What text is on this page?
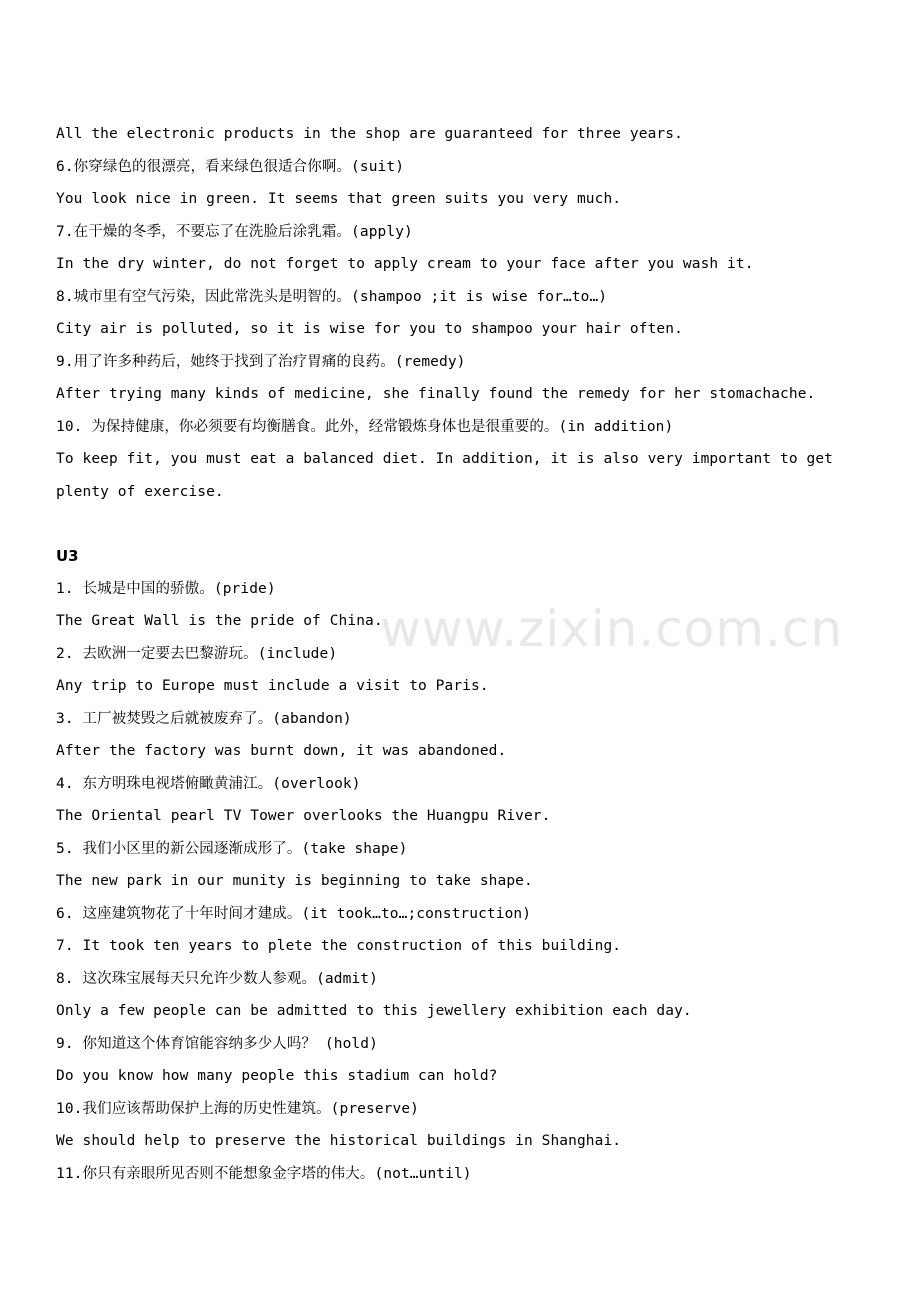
All the electronic products in the shop are guaranteed for three years.
6.你穿绿色的很漂亮，看来绿色很适合你啊。(suit)
You look nice in green. It seems that green suits you very much.
7.在干燥的冬季，不要忘了在洗脸后涂乳霜。(apply)
In the dry winter, do not forget to apply cream to your face after you wash it.
8.城市里有空气污染，因此常洗头是明智的。(shampoo ;it is wise for…to…)
City air is polluted, so it is wise for you to shampoo your hair often.
9.用了许多种药后，她终于找到了治疗胃痛的良药。(remedy)
After trying many kinds of medicine, she finally found the remedy for her stomachache.
10. 为保持健康，你必须要有均衡膳食。此外，经常锻炼身体也是很重要的。(in addition)
To keep fit, you must eat a balanced diet. In addition, it is also very important to get
plenty of exercise.
U3
1. 长城是中国的骄傲。(pride)
The Great Wall is the pride of China.
2. 去欧洲一定要去巴黎游玩。(include)
Any trip to Europe must include a visit to Paris.
3. 工厂被焚毁之后就被废弃了。(abandon)
After the factory was burnt down, it was abandoned.
4. 东方明珠电视塔俯瞰黄浦江。(overlook)
The Oriental pearl TV Tower overlooks the Huangpu River.
5. 我们小区里的新公园逐渐成形了。(take shape)
The new park in our munity is beginning to take shape.
6. 这座建筑物花了十年时间才建成。(it took…to…;construction)
7. It took ten years to plete the construction of this building.
8. 这次珠宝展每天只允许少数人参观。(admit)
Only a few people can be admitted to this jewellery exhibition each day.
9. 你知道这个体育馆能容纳多少人吗？ (hold)
Do you know how many people this stadium can hold?
10.我们应该帮助保护上海的历史性建筑。(preserve)
We should help to preserve the historical buildings in Shanghai.
11.你只有亲眼所见否则不能想象金字塔的伟大。(not…until)
www.zixin.com.cn
